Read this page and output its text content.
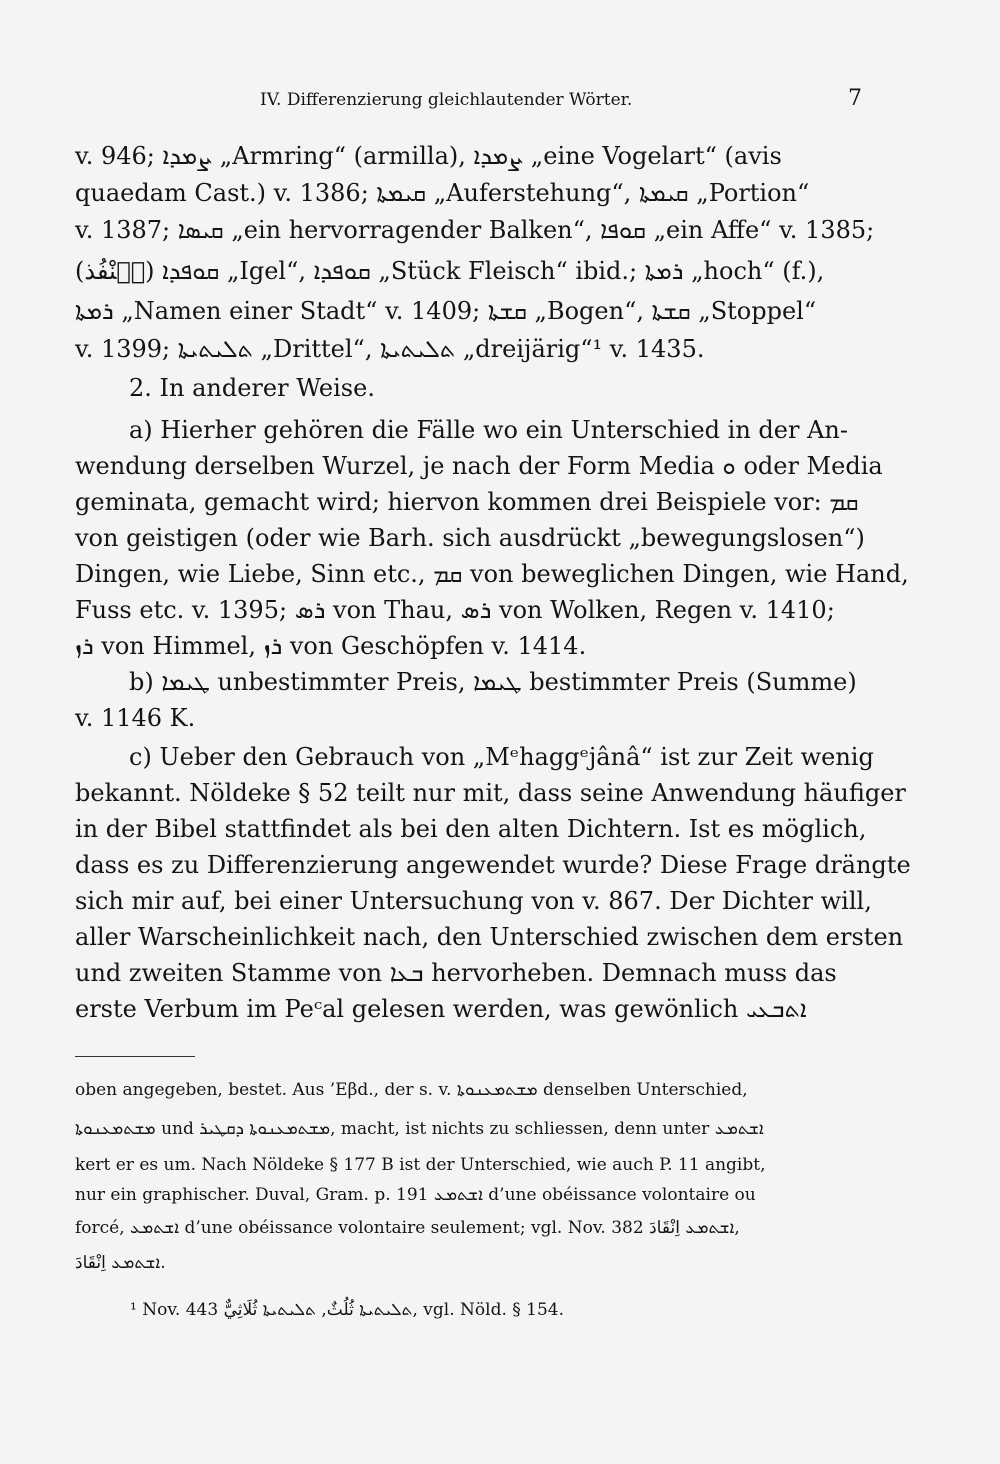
IV. Differenzierung gleichlautender Wörter.	7
v. 946; ܨܡܕܐ „Armring“ (armilla), ܨܡܕܐ „eine Vogelart“ (avis
quaedam Cast.) v. 1386; ܩܝܡܬܐ „Auferstehung“, ܩܝܡܬܐ „Portion“
v. 1387; ܩܝܣܐ „ein hervorragender Balken“, ܩܘܦܐ „ein Affe“ v. 1385;
ܩܘܦܕܐ (ܩُنْفُذ) „Igel“, ܩܘܦܕܐ „Stück Fleisch“ ibid.; ܪܡܬܐ „hoch“ (f.),
ܪܡܬܐ „Namen einer Stadt“ v. 1409; ܩܫܬܐ „Bogen“, ܩܫܬܐ „Stoppel“
v. 1399; ܬܠܝܬܝܬܐ „Drittel“, ܬܠܝܬܝܬܐ „dreijärig“¹ v. 1435.
2. In anderer Weise.
a) Hierher gehören die Fälle wo ein Unterschied in der An-
wendung derselben Wurzel, je nach der Form Media ܘ oder Media
geminata, gemacht wird; hiervon kommen drei Beispiele vor: ܩܡ
von geistigen (oder wie Barh. sich ausdrückt „bewegungslosen“)
Dingen, wie Liebe, Sinn etc., ܩܡ von beweglichen Dingen, wie Hand,
Fuss etc. v. 1395; ܪܣ von Thau, ܪܣ von Wolken, Regen v. 1410;
ܪܙ von Himmel, ܪܙ von Geschöpfen v. 1414.
b) ܛܝܡܐ unbestimmter Preis, ܛܝܡܐ bestimmter Preis (Summe)
v. 1146 K.
c) Ueber den Gebrauch von „Mᵉhaggᵉjânâ“ ist zur Zeit wenig
bekannt. Nöldeke § 52 teilt nur mit, dass seine Anwendung häufiger
in der Bibel stattfindet als bei den alten Dichtern. Ist es möglich,
dass es zu Differenzierung angewendet wurde? Diese Frage drängte
sich mir auf, bei einer Untersuchung von v. 867. Der Dichter will,
aller Warscheinlichkeit nach, den Unterschied zwischen dem ersten
und zweiten Stamme von ܒܥܐ hervorheben. Demnach muss das
erste Verbum im Peᶜal gelesen werden, was gewönlich ܐܬܒܥܝ
oben angegeben, bestet. Aus ’Eβd., der s. v. ܡܫܬܡܥܢܘܬܐ denselben Unterschied,
ܡܫܬܡܥܢܘܬܐ und ܡܫܬܡܥܢܘܬܐ ܕܩܛܝܪ, macht, ist nichts zu schliessen, denn unter ܐܫܬܡܥ
kert er es um. Nach Nöldeke § 177 B ist der Unterschied, wie auch P. 11 angibt,
nur ein graphischer. Duval, Gram. p. 191 ܐܫܬܡܥ d’une obéissance volontaire ou
forcé, ܐܫܬܡܥ d’une obéissance volontaire seulement; vgl. Nov. 382 ܐܫܬܡܥ اِنْقَادَ,
ܐܫܬܡܥ اِنْقَادَ.
¹ Nov. 443 ܬܠܝܬܝܬܐ ثُلُثٌ, ܬܠܝܬܝܬܐ ثُلَاثِيٌّ, vgl. Nöld. § 154.
